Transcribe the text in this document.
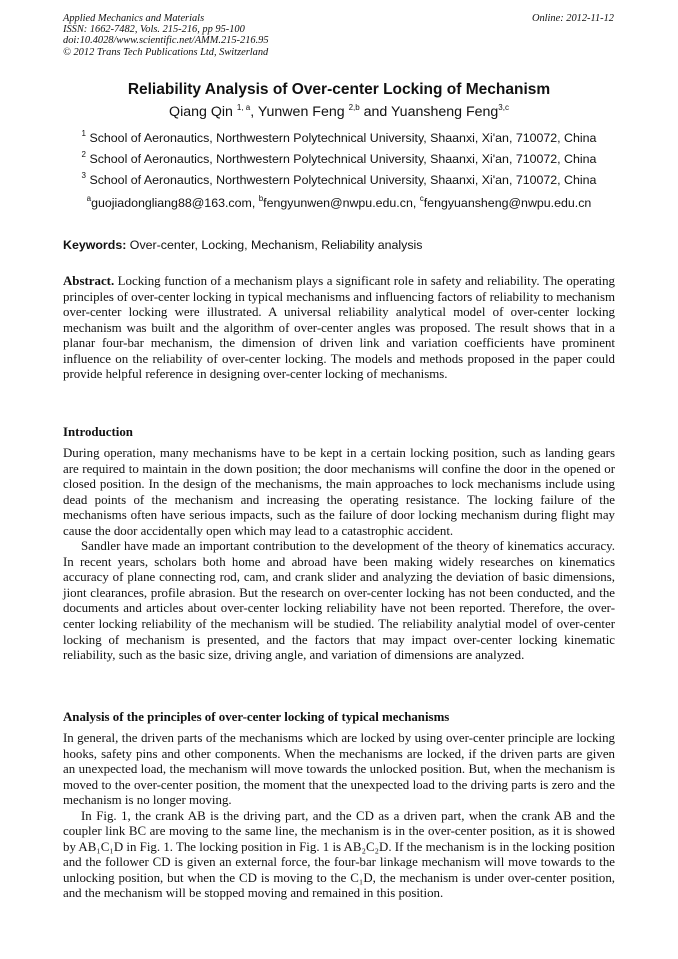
Applied Mechanics and Materials
ISSN: 1662-7482, Vols. 215-216, pp 95-100
doi:10.4028/www.scientific.net/AMM.215-216.95
© 2012 Trans Tech Publications Ltd, Switzerland
Online: 2012-11-12
Reliability Analysis of Over-center Locking of Mechanism
Qiang Qin $^{1, a}$, Yunwen Feng $^{2,b}$ and Yuansheng Feng$^{3,c}$
$^1$ School of Aeronautics, Northwestern Polytechnical University, Shaanxi, Xi'an, 710072, China
$^2$ School of Aeronautics, Northwestern Polytechnical University, Shaanxi, Xi'an, 710072, China
$^3$ School of Aeronautics, Northwestern Polytechnical University, Shaanxi, Xi'an, 710072, China
$^a$guojiadongliang88@163.com, $^b$fengyunwen@nwpu.edu.cn, $^c$fengyuansheng@nwpu.edu.cn
Keywords: Over-center, Locking, Mechanism, Reliability analysis

Abstract. Locking function of a mechanism plays a significant role in safety and reliability. The operating principles of over-center locking in typical mechanisms and influencing factors of reliability to mechanism over-center locking were illustrated. A universal reliability analytical model of over-center locking mechanism was built and the algorithm of over-center angles was proposed. The result shows that in a planar four-bar mechanism, the dimension of driven link and variation coefficients have prominent influence on the reliability of over-center locking. The models and methods proposed in the paper could provide helpful reference in designing over-center locking of mechanisms.

Introduction

During operation, many mechanisms have to be kept in a certain locking position, such as landing gears are required to maintain in the down position; the door mechanisms will confine the door in the opened or closed position. In the design of the mechanisms, the main approaches to lock mechanisms include using dead points of the mechanism and increasing the operating resistance. The locking failure of the mechanisms often have serious impacts, such as the failure of door locking mechanism during flight may cause the door accidentally open which may lead to a catastrophic accident.

Sandler have made an important contribution to the development of the theory of kinematics accuracy. In recent years, scholars both home and abroad have been making widely researches on kinematics accuracy of plane connecting rod, cam, and crank slider and analyzing the deviation of basic dimensions, jiont clearances, profile abrasion. But the research on over-center locking has not been conducted, and the documents and articles about over-center locking reliability have not been reported. Therefore, the over-center locking reliability of the mechanism will be studied. The reliability analytial model of over-center locking of mechanism is presented, and the factors that may impact over-center locking kinematic reliability, such as the basic size, driving angle, and variation of dimensions are analyzed.

Analysis of the principles of over-center locking of typical mechanisms

In general, the driven parts of the mechanisms which are locked by using over-center principle are locking hooks, safety pins and other components. When the mechanisms are locked, if the driven parts are given an unexpected load, the mechanism will move towards the unlocked position. But, when the mechanism is moved to the over-center position, the moment that the unexpected load to the driving parts is zero and the mechanism is no longer moving.

In Fig. 1, the crank AB is the driving part, and the CD as a driven part, when the crank AB and the coupler link BC are moving to the same line, the mechanism is in the over-center position, as it is showed by AB₁C₁D in Fig. 1. The locking position in Fig. 1 is AB₂C₂D. If the mechanism is in the locking position and the follower CD is given an external force, the four-bar linkage mechanism will move towards to the unlocking position, but when the CD is moving to the C₁D, the mechanism is under over-center position, and the mechanism will be stopped moving and remained in this position.
